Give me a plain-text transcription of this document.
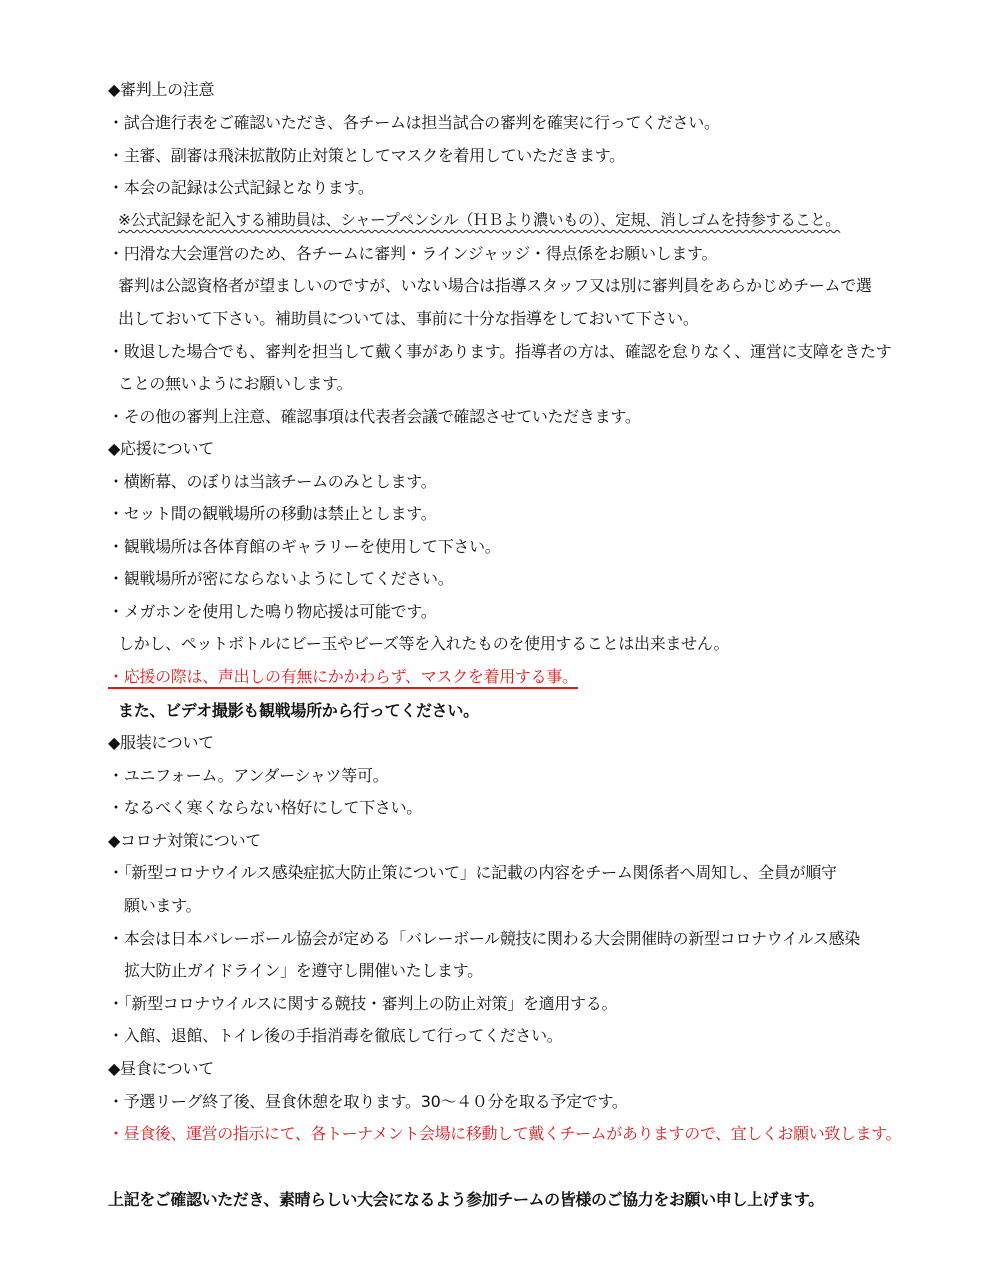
◆審判上の注意
・試合進行表をご確認いただき、各チームは担当試合の審判を確実に行ってください。
・主審、副審は飛沫拡散防止対策としてマスクを着用していただきます。
・本会の記録は公式記録となります。
※公式記録を記入する補助員は、シャープペンシル（ＨＢより濃いもの）、定規、消しゴムを持参すること。
・円滑な大会運営のため、各チームに審判・ラインジャッジ・得点係をお願いします。
審判は公認資格者が望ましいのですが、いない場合は指導スタッフ又は別に審判員をあらかじめチームで選
出しておいて下さい。補助員については、事前に十分な指導をしておいて下さい。
・敗退した場合でも、審判を担当して戴く事があります。指導者の方は、確認を怠りなく、運営に支障をきたす
ことの無いようにお願いします。
・その他の審判上注意、確認事項は代表者会議で確認させていただきます。
◆応援について
・横断幕、のぼりは当該チームのみとします。
・セット間の観戦場所の移動は禁止とします。
・観戦場所は各体育館のギャラリーを使用して下さい。
・観戦場所が密にならないようにしてください。
・メガホンを使用した鳴り物応援は可能です。
しかし、ペットボトルにビー玉やビーズ等を入れたものを使用することは出来ません。
・応援の際は、声出しの有無にかかわらず、マスクを着用する事。
また、ビデオ撮影も観戦場所から行ってください。
◆服装について
・ユニフォーム。アンダーシャツ等可。
・なるべく寒くならない格好にして下さい。
◆コロナ対策について
・「新型コロナウイルス感染症拡大防止策について」に記載の内容をチーム関係者へ周知し、全員が順守
願います。
・本会は日本バレーボール協会が定める「バレーボール競技に関わる大会開催時の新型コロナウイルス感染
拡大防止ガイドライン」を遵守し開催いたします。
・「新型コロナウイルスに関する競技・審判上の防止対策」を適用する。
・入館、退館、トイレ後の手指消毒を徹底して行ってください。
◆昼食について
・予選リーグ終了後、昼食休憩を取ります。30～４０分を取る予定です。
・昼食後、運営の指示にて、各トーナメント会場に移動して戴くチームがありますので、宜しくお願い致します。
上記をご確認いただき、素晴らしい大会になるよう参加チームの皆様のご協力をお願い申し上げます。
